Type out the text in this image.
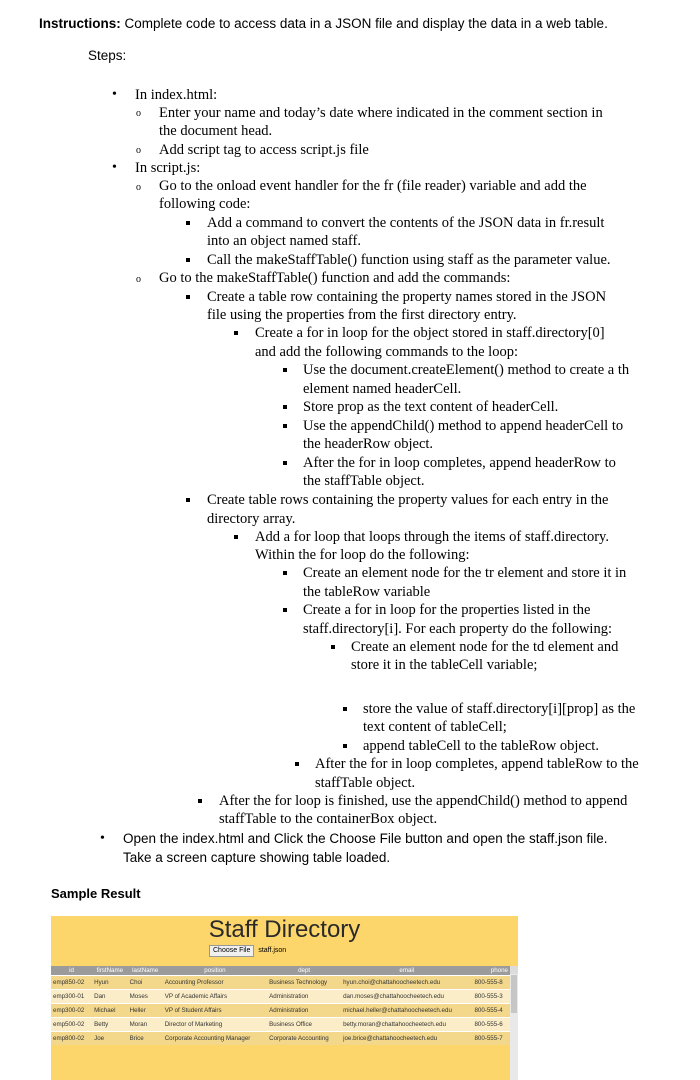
Instructions: Complete code to access data in a JSON file and display the data in a web table.
Steps:
• In index.html:
o Enter your name and today’s date where indicated in the comment section in
the document head.
o Add script tag to access script.js file
• In script.js:
o Go to the onload event handler for the fr (file reader) variable and add the
following code:
Add a command to convert the contents of the JSON data in fr.result
into an object named staff.
Call the makeStaffTable() function using staff as the parameter value.
o Go to the makeStaffTable() function and add the commands:
Create a table row containing the property names stored in the JSON
file using the properties from the first directory entry.
Create a for in loop for the object stored in staff.directory[0]
and add the following commands to the loop:
Use the document.createElement() method to create a th
element named headerCell.
Store prop as the text content of headerCell.
Use the appendChild() method to append headerCell to
the headerRow object.
After the for in loop completes, append headerRow to
the staffTable object.
Create table rows containing the property values for each entry in the
directory array.
Add a for loop that loops through the items of staff.directory.
Within the for loop do the following:
Create an element node for the tr element and store it in
the tableRow variable
Create a for in loop for the properties listed in the
staff.directory[i]. For each property do the following:
Create an element node for the td element and
store it in the tableCell variable;
store the value of staff.directory[i][prop] as the
text content of tableCell;
append tableCell to the tableRow object.
After the for in loop completes, append tableRow to the
staffTable object.
After the for loop is finished, use the appendChild() method to append
staffTable to the containerBox object.
• Open the index.html and Click the Choose File button and open the staff.json file.
Take a screen capture showing table loaded.
Sample Result
Staff Directory
Choose File staff.json
id	firstName	lastName	position	dept	email	phone
emp850-02	Hyun	Choi	Accounting Professor	Business Technology	hyun.choi@chattahoocheetech.edu	800-555-8
emp300-01	Dan	Moses	VP of Academic Affairs	Administration	dan.moses@chattahoocheetech.edu	800-555-3
emp300-02	Michael	Heller	VP of Student Affairs	Administration	michael.heller@chattahoocheetech.edu	800-555-4
emp500-02	Betty	Moran	Director of Marketing	Business Office	betty.moran@chattahoocheetech.edu	800-555-6
emp800-02	Joe	Brice	Corporate Accounting Manager	Corporate Accounting	joe.brice@chattahoocheetech.edu	800-555-7
